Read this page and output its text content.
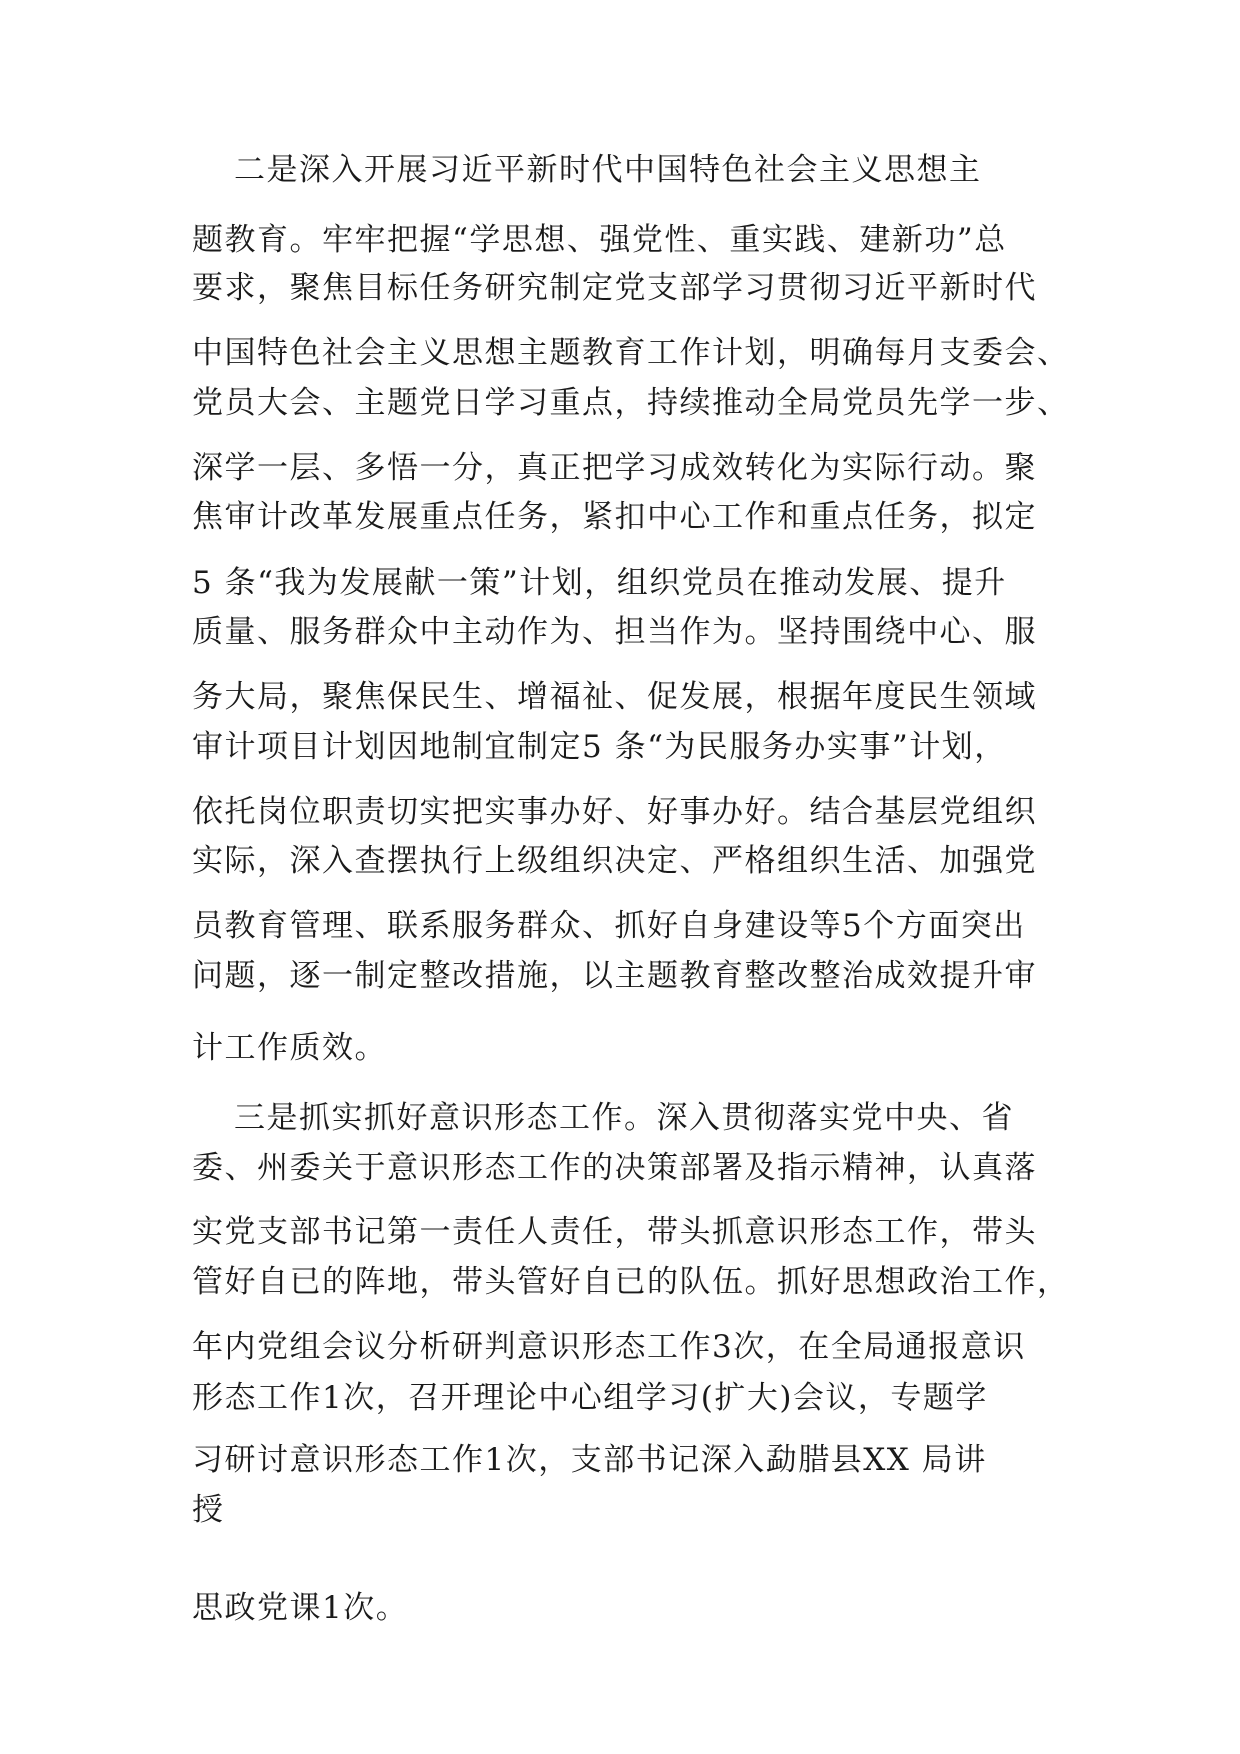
二是深入开展习近平新时代中国特色社会主义思想主
题教育。牢牢把握“学思想、强党性、重实践、建新功”总
要求，聚焦目标任务研究制定党支部学习贯彻习近平新时代
中国特色社会主义思想主题教育工作计划，明确每月支委会、
党员大会、主题党日学习重点，持续推动全局党员先学一步、
深学一层、多悟一分，真正把学习成效转化为实际行动。聚
焦审计改革发展重点任务，紧扣中心工作和重点任务，拟定
5 条“我为发展献一策”计划，组织党员在推动发展、提升
质量、服务群众中主动作为、担当作为。坚持围绕中心、服
务大局，聚焦保民生、增福祉、促发展，根据年度民生领域
审计项目计划因地制宜制定5 条“为民服务办实事”计划，
依托岗位职责切实把实事办好、好事办好。结合基层党组织
实际，深入查摆执行上级组织决定、严格组织生活、加强党
员教育管理、联系服务群众、抓好自身建设等5个方面突出
问题，逐一制定整改措施，以主题教育整改整治成效提升审
计工作质效。
三是抓实抓好意识形态工作。深入贯彻落实党中央、省
委、州委关于意识形态工作的决策部署及指示精神，认真落
实党支部书记第一责任人责任，带头抓意识形态工作，带头
管好自已的阵地，带头管好自已的队伍。抓好思想政治工作，
年内党组会议分析研判意识形态工作3次，在全局通报意识
形态工作1次，召开理论中心组学习(扩大)会议，专题学
习研讨意识形态工作1次，支部书记深入勐腊县XX 局讲
授
思政党课1次。
